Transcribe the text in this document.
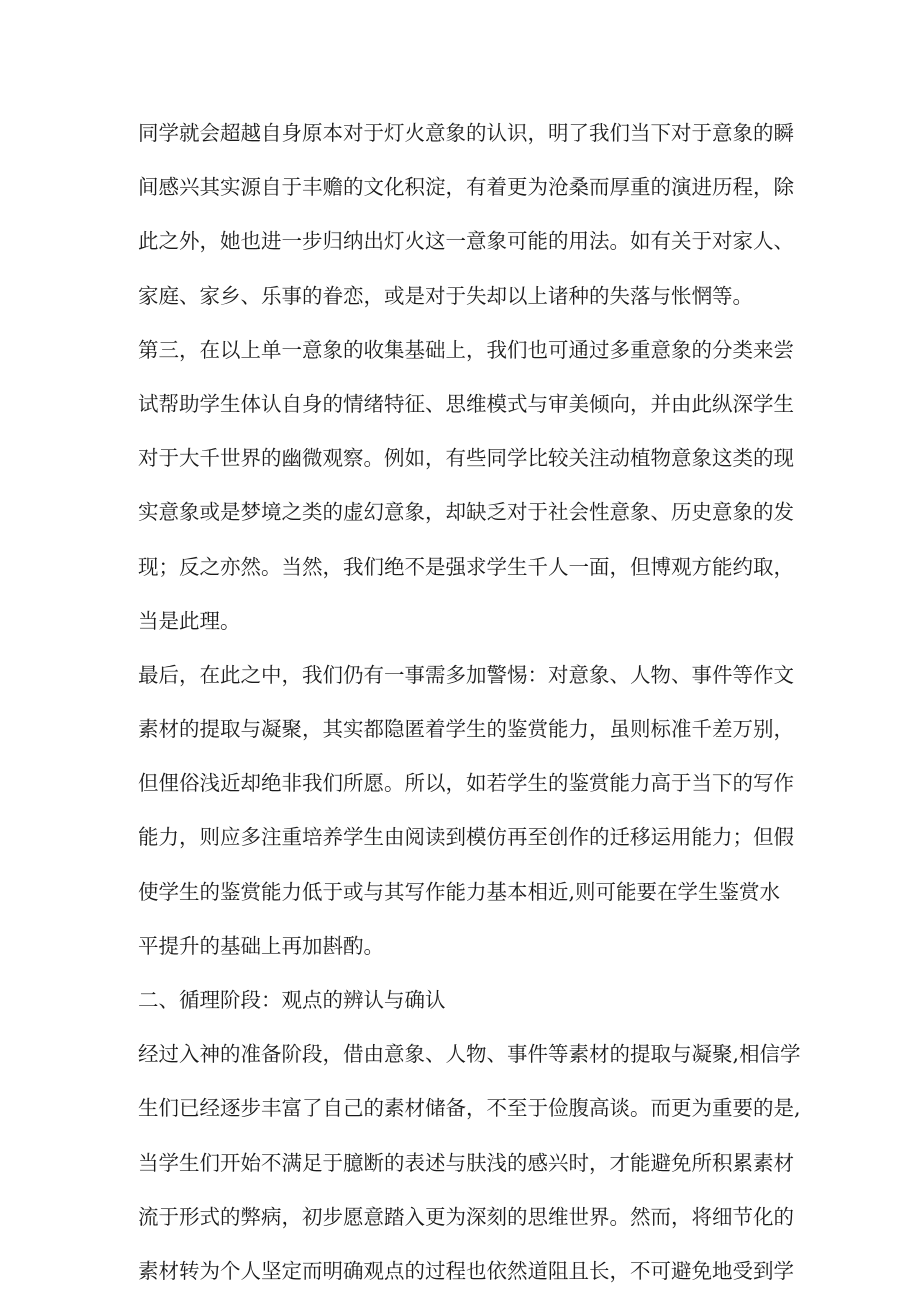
同学就会超越自身原本对于灯火意象的认识，明了我们当下对于意象的瞬
间感兴其实源自于丰赡的文化积淀，有着更为沧桑而厚重的演进历程，除
此之外，她也进一步归纳出灯火这一意象可能的用法。如有关于对家人、
家庭、家乡、乐事的眷恋，或是对于失却以上诸种的失落与怅惘等。
第三，在以上单一意象的收集基础上，我们也可通过多重意象的分类来尝
试帮助学生体认自身的情绪特征、思维模式与审美倾向，并由此纵深学生
对于大千世界的幽微观察。例如，有些同学比较关注动植物意象这类的现
实意象或是梦境之类的虚幻意象，却缺乏对于社会性意象、历史意象的发
现；反之亦然。当然，我们绝不是强求学生千人一面，但博观方能约取，
当是此理。
最后，在此之中，我们仍有一事需多加警惕：对意象、人物、事件等作文
素材的提取与凝聚，其实都隐匿着学生的鉴赏能力，虽则标准千差万别，
但俚俗浅近却绝非我们所愿。所以，如若学生的鉴赏能力高于当下的写作
能力，则应多注重培养学生由阅读到模仿再至创作的迁移运用能力；但假
使学生的鉴赏能力低于或与其写作能力基本相近,则可能要在学生鉴赏水
平提升的基础上再加斟酌。
二、循理阶段：观点的辨认与确认
经过入神的准备阶段，借由意象、人物、事件等素材的提取与凝聚,相信学
生们已经逐步丰富了自己的素材储备，不至于俭腹高谈。而更为重要的是,
当学生们开始不满足于臆断的表述与肤浅的感兴时，才能避免所积累素材
流于形式的弊病，初步愿意踏入更为深刻的思维世界。然而，将细节化的
素材转为个人坚定而明确观点的过程也依然道阻且长，不可避免地受到学
